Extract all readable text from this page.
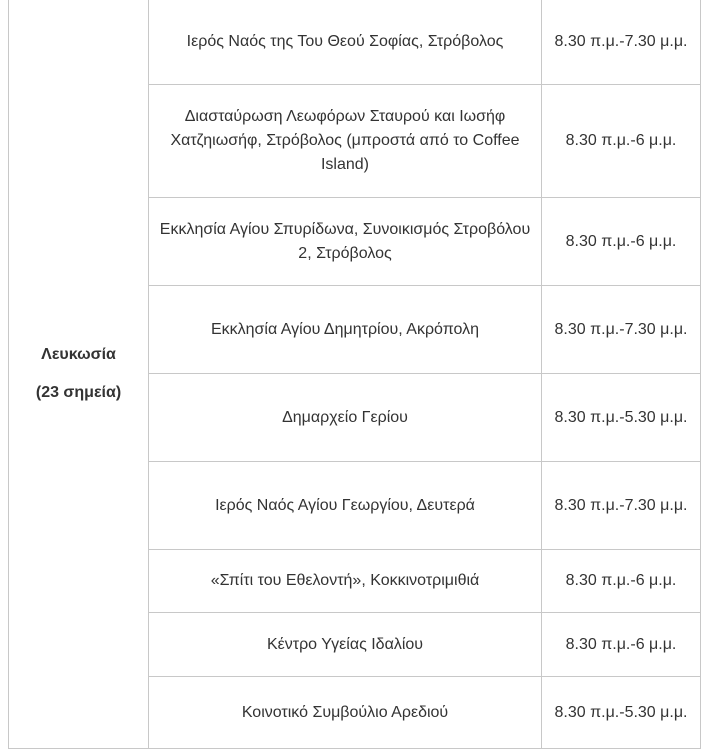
Λευκωσία
(23 σημεία)	Ιερός Ναός της Του Θεού Σοφίας, Στρόβολος	8.30 π.μ.-7.30 μ.μ.
	Διασταύρωση Λεωφόρων Σταυρού και Ιωσήφ Χατζηιωσήφ, Στρόβολος (μπροστά από το Coffee Island)	8.30 π.μ.-6 μ.μ.
	Εκκλησία Αγίου Σπυρίδωνα, Συνοικισμός Στροβόλου 2, Στρόβολος	8.30 π.μ.-6 μ.μ.
	Εκκλησία Αγίου Δημητρίου, Ακρόπολη	8.30 π.μ.-7.30 μ.μ.
	Δημαρχείο Γερίου	8.30 π.μ.-5.30 μ.μ.
	Ιερός Ναός Αγίου Γεωργίου, Δευτερά	8.30 π.μ.-7.30 μ.μ.
	«Σπίτι του Εθελοντή», Κοκκινοτριμιθιά	8.30 π.μ.-6 μ.μ.
	Κέντρο Υγείας Ιδαλίου	8.30 π.μ.-6 μ.μ.
	Κοινοτικό Συμβούλιο Αρεδιού	8.30 π.μ.-5.30 μ.μ.
